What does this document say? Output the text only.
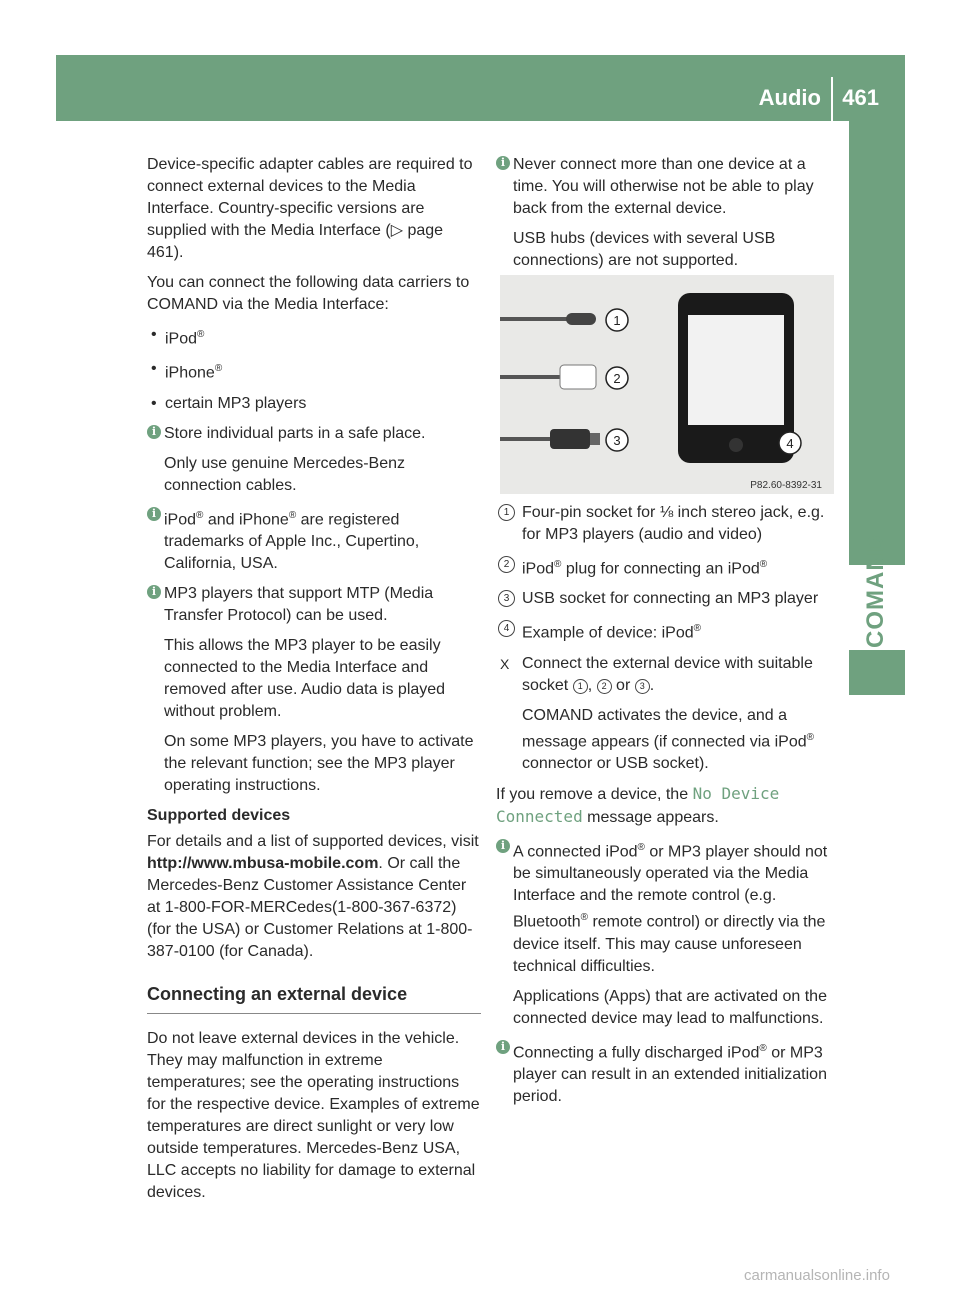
Audio 461
COMAND

Device-specific adapter cables are required to connect external devices to the Media Interface. Country-specific versions are supplied with the Media Interface (▷ page 461).

You can connect the following data carriers to COMAND via the Media Interface:

• iPod®
• iPhone®
• certain MP3 players
i Store individual parts in a safe place.

Only use genuine Mercedes-Benz connection cables.

i iPod® and iPhone® are registered trademarks of Apple Inc., Cupertino, California, USA.

i MP3 players that support MTP (Media Transfer Protocol) can be used.

This allows the MP3 player to be easily connected to the Media Interface and removed after use. Audio data is played without problem.

On some MP3 players, you have to activate the relevant function; see the MP3 player operating instructions.

Supported devices

For details and a list of supported devices, visit http://www.mbusa-mobile.com. Or call the Mercedes-Benz Customer Assistance Center at 1-800-FOR-MERCedes(1-800-367-6372) (for the USA) or Customer Relations at 1-800-387-0100 (for Canada).

Connecting an external device

Do not leave external devices in the vehicle. They may malfunction in extreme temperatures; see the operating instructions for the respective device. Examples of extreme temperatures are direct sunlight or very low outside temperatures. Mercedes-Benz USA, LLC accepts no liability for damage to external devices.

i Never connect more than one device at a time. You will otherwise not be able to play back from the external device.

USB hubs (devices with several USB connections) are not supported.

1
2
3	4
P82.60-8392-31
1 Four-pin socket for ⅛ inch stereo jack, e.g. for MP3 players (audio and video)
2 iPod® plug for connecting an iPod®
3 USB socket for connecting an MP3 player
4 Example of device: iPod®
X Connect the external device with suitable socket 1 , 2 or 3 .
COMAND activates the device, and a message appears (if connected via iPod® connector or USB socket).

If you remove a device, the No Device Connected message appears.

i A connected iPod® or MP3 player should not be simultaneously operated via the Media Interface and the remote control (e.g. Bluetooth® remote control) or directly via the device itself. This may cause unforeseen technical difficulties.

Applications (Apps) that are activated on the connected device may lead to malfunctions.

i Connecting a fully discharged iPod® or MP3 player can result in an extended initialization period.

carmanualsonline.info
